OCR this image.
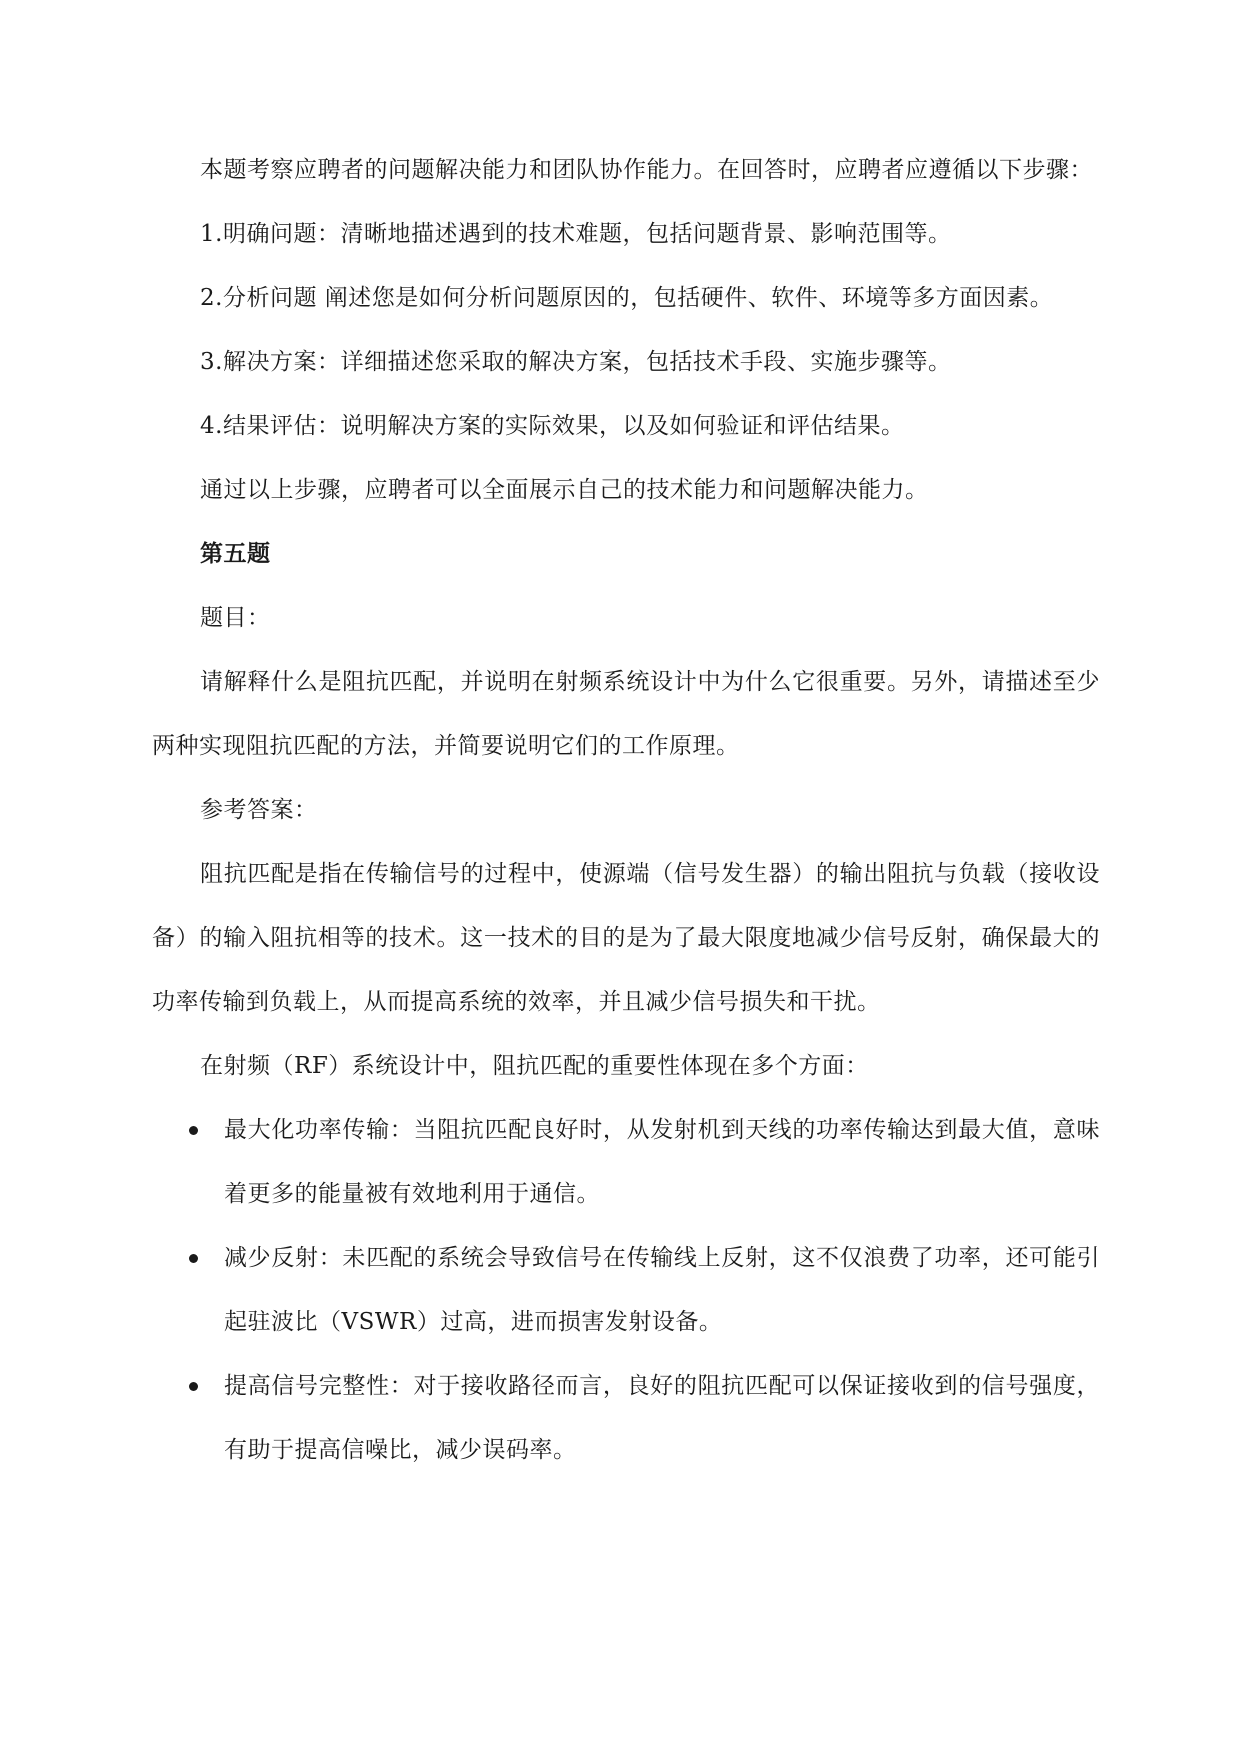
本题考察应聘者的问题解决能力和团队协作能力。在回答时，应聘者应遵循以下步骤：

1.明确问题：清晰地描述遇到的技术难题，包括问题背景、影响范围等。

2.分析问题 阐述您是如何分析问题原因的，包括硬件、软件、环境等多方面因素。

3.解决方案：详细描述您采取的解决方案，包括技术手段、实施步骤等。

4.结果评估：说明解决方案的实际效果，以及如何验证和评估结果。

通过以上步骤，应聘者可以全面展示自己的技术能力和问题解决能力。

第五题

题目：

请解释什么是阻抗匹配，并说明在射频系统设计中为什么它很重要。另外，请描述至少两种实现阻抗匹配的方法，并简要说明它们的工作原理。

参考答案：

阻抗匹配是指在传输信号的过程中，使源端（信号发生器）的输出阻抗与负载（接收设备）的输入阻抗相等的技术。这一技术的目的是为了最大限度地减少信号反射，确保最大的功率传输到负载上，从而提高系统的效率，并且减少信号损失和干扰。

在射频（RF）系统设计中，阻抗匹配的重要性体现在多个方面：

最大化功率传输：当阻抗匹配良好时，从发射机到天线的功率传输达到最大值，意味着更多的能量被有效地利用于通信。
减少反射：未匹配的系统会导致信号在传输线上反射，这不仅浪费了功率，还可能引起驻波比（VSWR）过高，进而损害发射设备。
提高信号完整性：对于接收路径而言，良好的阻抗匹配可以保证接收到的信号强度，有助于提高信噪比，减少误码率。
